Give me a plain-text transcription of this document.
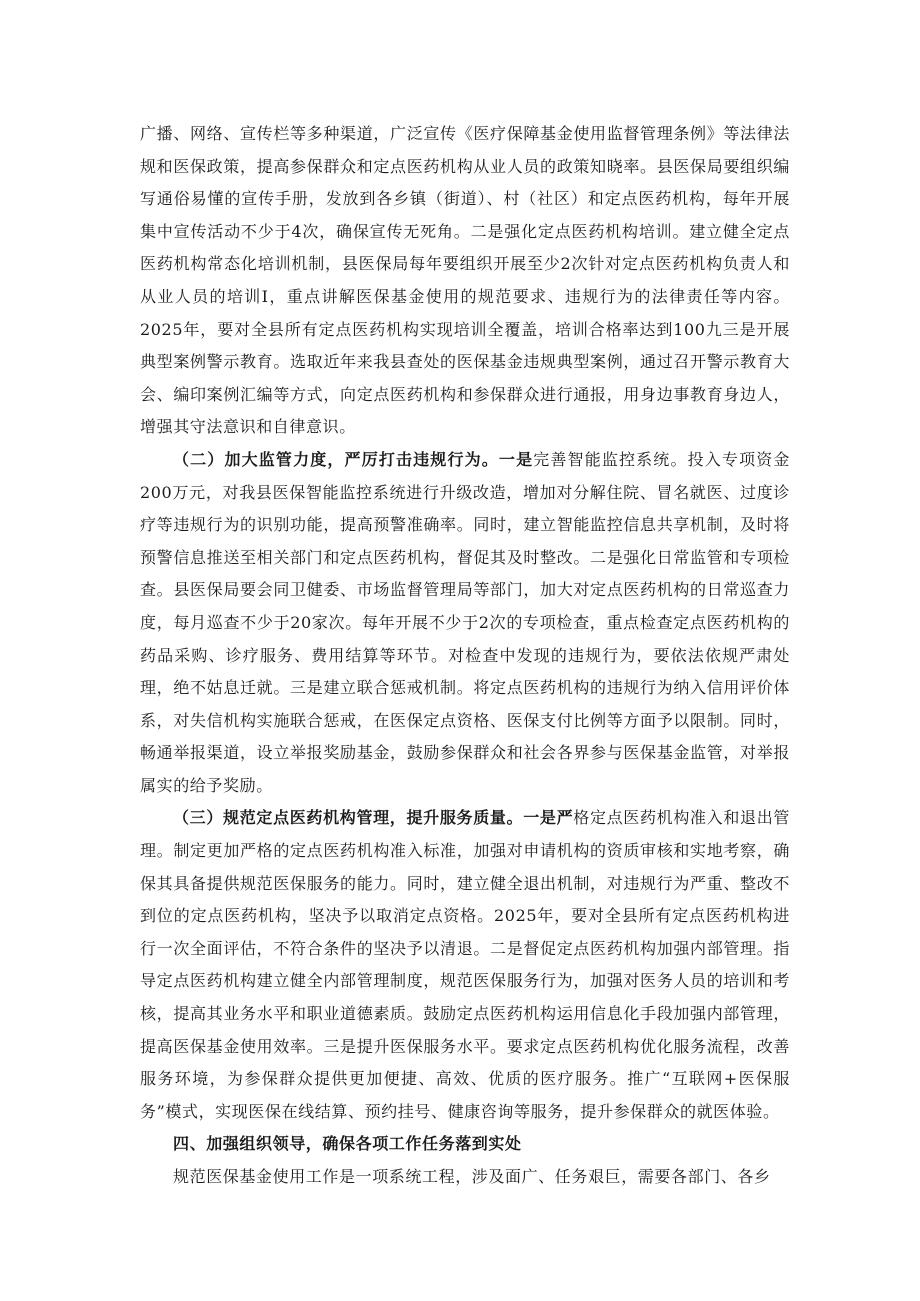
广播、网络、宣传栏等多种渠道，广泛宣传《医疗保障基金使用监督管理条例》等法律法规和医保政策，提高参保群众和定点医药机构从业人员的政策知晓率。县医保局要组织编写通俗易懂的宣传手册，发放到各乡镇（街道）、村（社区）和定点医药机构，每年开展集中宣传活动不少于4次，确保宣传无死角。二是强化定点医药机构培训。建立健全定点医药机构常态化培训机制，县医保局每年要组织开展至少2次针对定点医药机构负责人和从业人员的培训I，重点讲解医保基金使用的规范要求、违规行为的法律责任等内容。2025年，要对全县所有定点医药机构实现培训全覆盖，培训合格率达到100九三是开展典型案例警示教育。选取近年来我县查处的医保基金违规典型案例，通过召开警示教育大会、编印案例汇编等方式，向定点医药机构和参保群众进行通报，用身边事教育身边人，增强其守法意识和自律意识。

（二）加大监管力度，严厉打击违规行为。一是完善智能监控系统。投入专项资金200万元，对我县医保智能监控系统进行升级改造，增加对分解住院、冒名就医、过度诊疗等违规行为的识别功能，提高预警准确率。同时，建立智能监控信息共享机制，及时将预警信息推送至相关部门和定点医药机构，督促其及时整改。二是强化日常监管和专项检查。县医保局要会同卫健委、市场监督管理局等部门，加大对定点医药机构的日常巡查力度，每月巡查不少于20家次。每年开展不少于2次的专项检查，重点检查定点医药机构的药品采购、诊疗服务、费用结算等环节。对检查中发现的违规行为，要依法依规严肃处理，绝不姑息迁就。三是建立联合惩戒机制。将定点医药机构的违规行为纳入信用评价体系，对失信机构实施联合惩戒，在医保定点资格、医保支付比例等方面予以限制。同时，畅通举报渠道，设立举报奖励基金，鼓励参保群众和社会各界参与医保基金监管，对举报属实的给予奖励。

（三）规范定点医药机构管理，提升服务质量。一是严格定点医药机构准入和退出管理。制定更加严格的定点医药机构准入标准，加强对申请机构的资质审核和实地考察，确保其具备提供规范医保服务的能力。同时，建立健全退出机制，对违规行为严重、整改不到位的定点医药机构，坚决予以取消定点资格。2025年，要对全县所有定点医药机构进行一次全面评估，不符合条件的坚决予以清退。二是督促定点医药机构加强内部管理。指导定点医药机构建立健全内部管理制度，规范医保服务行为，加强对医务人员的培训和考核，提高其业务水平和职业道德素质。鼓励定点医药机构运用信息化手段加强内部管理，提高医保基金使用效率。三是提升医保服务水平。要求定点医药机构优化服务流程，改善服务环境，为参保群众提供更加便捷、高效、优质的医疗服务。推广“互联网+医保服务”模式，实现医保在线结算、预约挂号、健康咨询等服务，提升参保群众的就医体验。

四、加强组织领导，确保各项工作任务落到实处

规范医保基金使用工作是一项系统工程，涉及面广、任务艰巨，需要各部门、各乡
